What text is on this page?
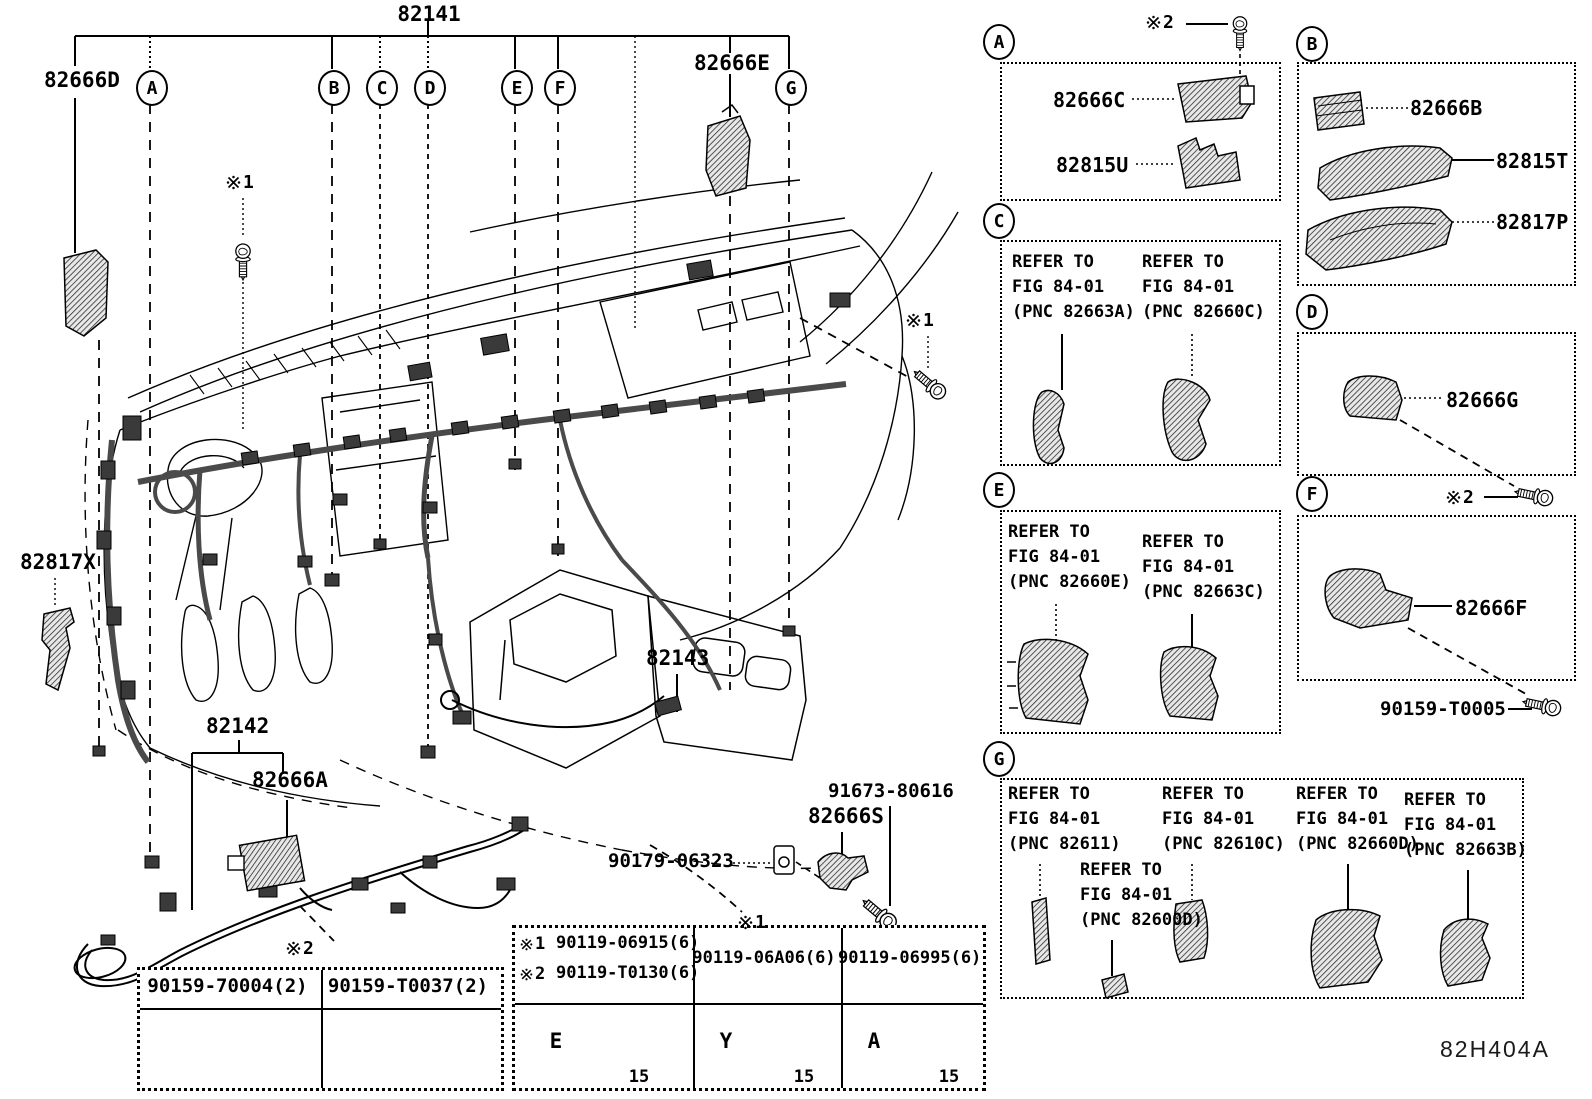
82141
82666D
82666E
82817X
82142
82666A
82143
91673-80616
82666S
90179-06323
A	B	C	D	E	F	G
1
1
2
1
2
2
A
82666C
82815U
B
82666B
82815T
82817P
C
REFER TO
FIG 84-01
(PNC 82663A)
REFER TO
FIG 84-01
(PNC 82660C)	D
82666G
E
REFER TO
FIG 84-01
(PNC 82660E)
REFER TO
FIG 84-01
(PNC 82663C)
F
82666F
90159-T0005
G
REFER TO
FIG 84-01
(PNC 82611)
REFER TO
FIG 84-01
(PNC 82600D)
REFER TO
FIG 84-01
(PNC 82610C)
REFER TO
FIG 84-01
(PNC 82660D)
REFER TO
FIG 84-01
(PNC 82663B)
90159-70004(2)	90159-T0037(2)
1 90119-06915(6)
2 90119-T0130(6)
90119-06A06(6) 90119-06995(6)
E	Y	A
15	15	15
82H404A
